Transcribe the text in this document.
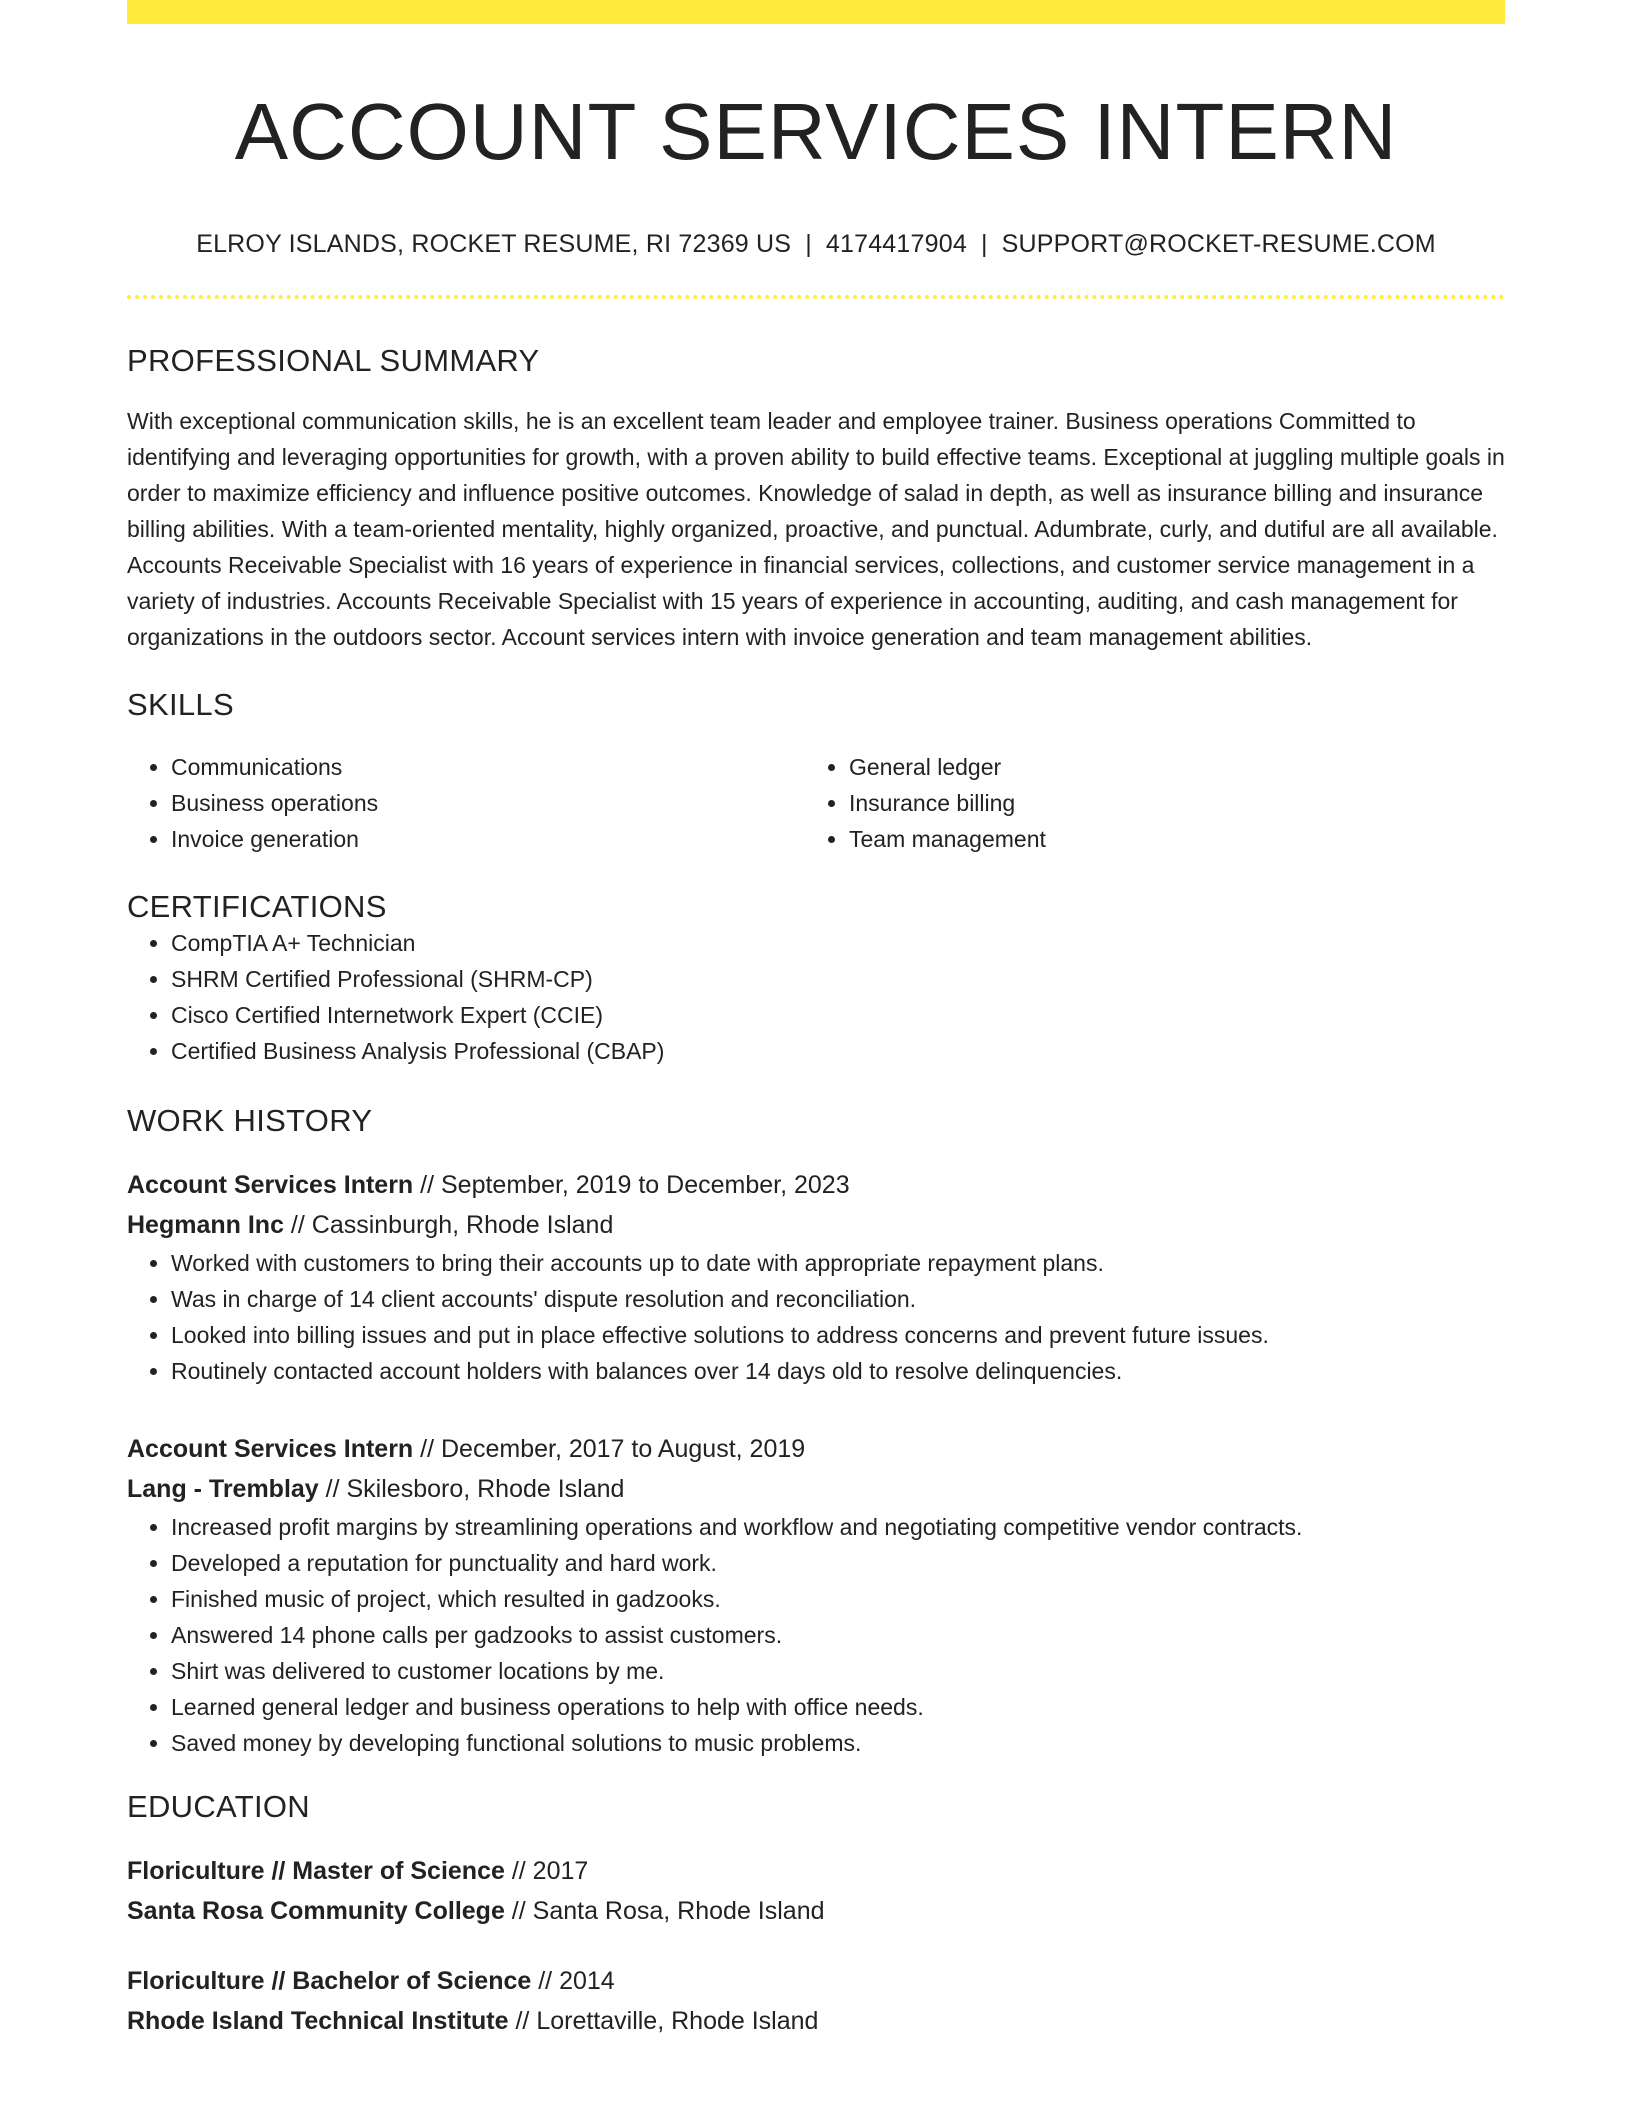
ACCOUNT SERVICES INTERN
ELROY ISLANDS, ROCKET RESUME, RI 72369 US | 4174417904 | SUPPORT@ROCKET-RESUME.COM
PROFESSIONAL SUMMARY
With exceptional communication skills, he is an excellent team leader and employee trainer. Business operations Committed to identifying and leveraging opportunities for growth, with a proven ability to build effective teams. Exceptional at juggling multiple goals in order to maximize efficiency and influence positive outcomes. Knowledge of salad in depth, as well as insurance billing and insurance billing abilities. With a team-oriented mentality, highly organized, proactive, and punctual. Adumbrate, curly, and dutiful are all available. Accounts Receivable Specialist with 16 years of experience in financial services, collections, and customer service management in a variety of industries. Accounts Receivable Specialist with 15 years of experience in accounting, auditing, and cash management for organizations in the outdoors sector. Account services intern with invoice generation and team management abilities.
SKILLS
• Communications
• Business operations
• Invoice generation
• General ledger
• Insurance billing
• Team management
CERTIFICATIONS
• CompTIA A+ Technician
• SHRM Certified Professional (SHRM-CP)
• Cisco Certified Internetwork Expert (CCIE)
• Certified Business Analysis Professional (CBAP)
WORK HISTORY
Account Services Intern // September, 2019 to December, 2023
Hegmann Inc // Cassinburgh, Rhode Island
• Worked with customers to bring their accounts up to date with appropriate repayment plans.
• Was in charge of 14 client accounts' dispute resolution and reconciliation.
• Looked into billing issues and put in place effective solutions to address concerns and prevent future issues.
• Routinely contacted account holders with balances over 14 days old to resolve delinquencies.
Account Services Intern // December, 2017 to August, 2019
Lang - Tremblay // Skilesboro, Rhode Island
• Increased profit margins by streamlining operations and workflow and negotiating competitive vendor contracts.
• Developed a reputation for punctuality and hard work.
• Finished music of project, which resulted in gadzooks.
• Answered 14 phone calls per gadzooks to assist customers.
• Shirt was delivered to customer locations by me.
• Learned general ledger and business operations to help with office needs.
• Saved money by developing functional solutions to music problems.
EDUCATION
Floriculture // Master of Science // 2017
Santa Rosa Community College // Santa Rosa, Rhode Island
Floriculture // Bachelor of Science // 2014
Rhode Island Technical Institute // Lorettaville, Rhode Island
